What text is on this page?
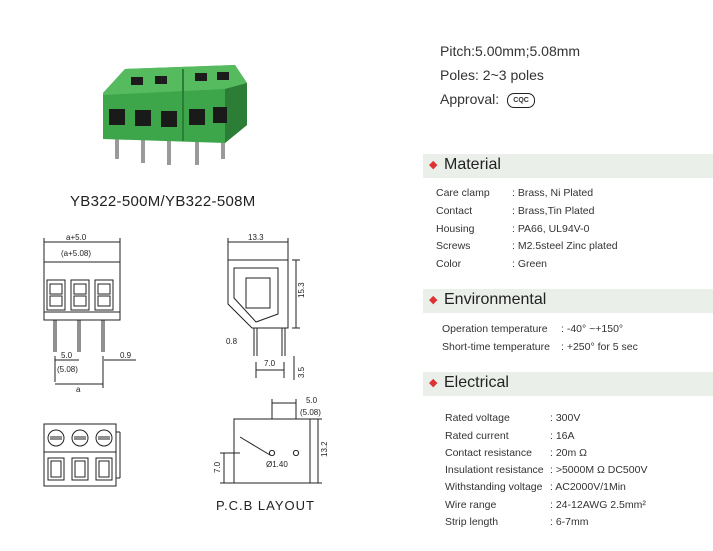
YB322-500M/YB322-508M
a+5.0
(a+5.08)
5.0
(5.08)
0.9
a
13.3
15.3
0.8
7.0
3.5
5.0
(5.08)
Ø1.40
7.0
13.2
P.C.B LAYOUT
Pitch:5.00mm;5.08mm
Poles: 2~3 poles
Approval: CQC
◆ Material
Care clamp : Brass, Ni Plated
Contact	: Brass,Tin Plated
Housing	: PA66, UL94V-0
Screws	: M2.5steel Zinc plated
Color	: Green
◆ Environmental
Operation temperature : -40° ~+150°
Short-time temperature : +250° for 5 sec
◆ Electrical
Rated voltage	: 300V
Rated current	: 16A
Contact resistance : 20m Ω
Insulationt resistance : >5000M Ω DC500V
Withstanding voltage : AC2000V/1Min
Wire range	: 24-12AWG 2.5mm²
Strip length	: 6-7mm
